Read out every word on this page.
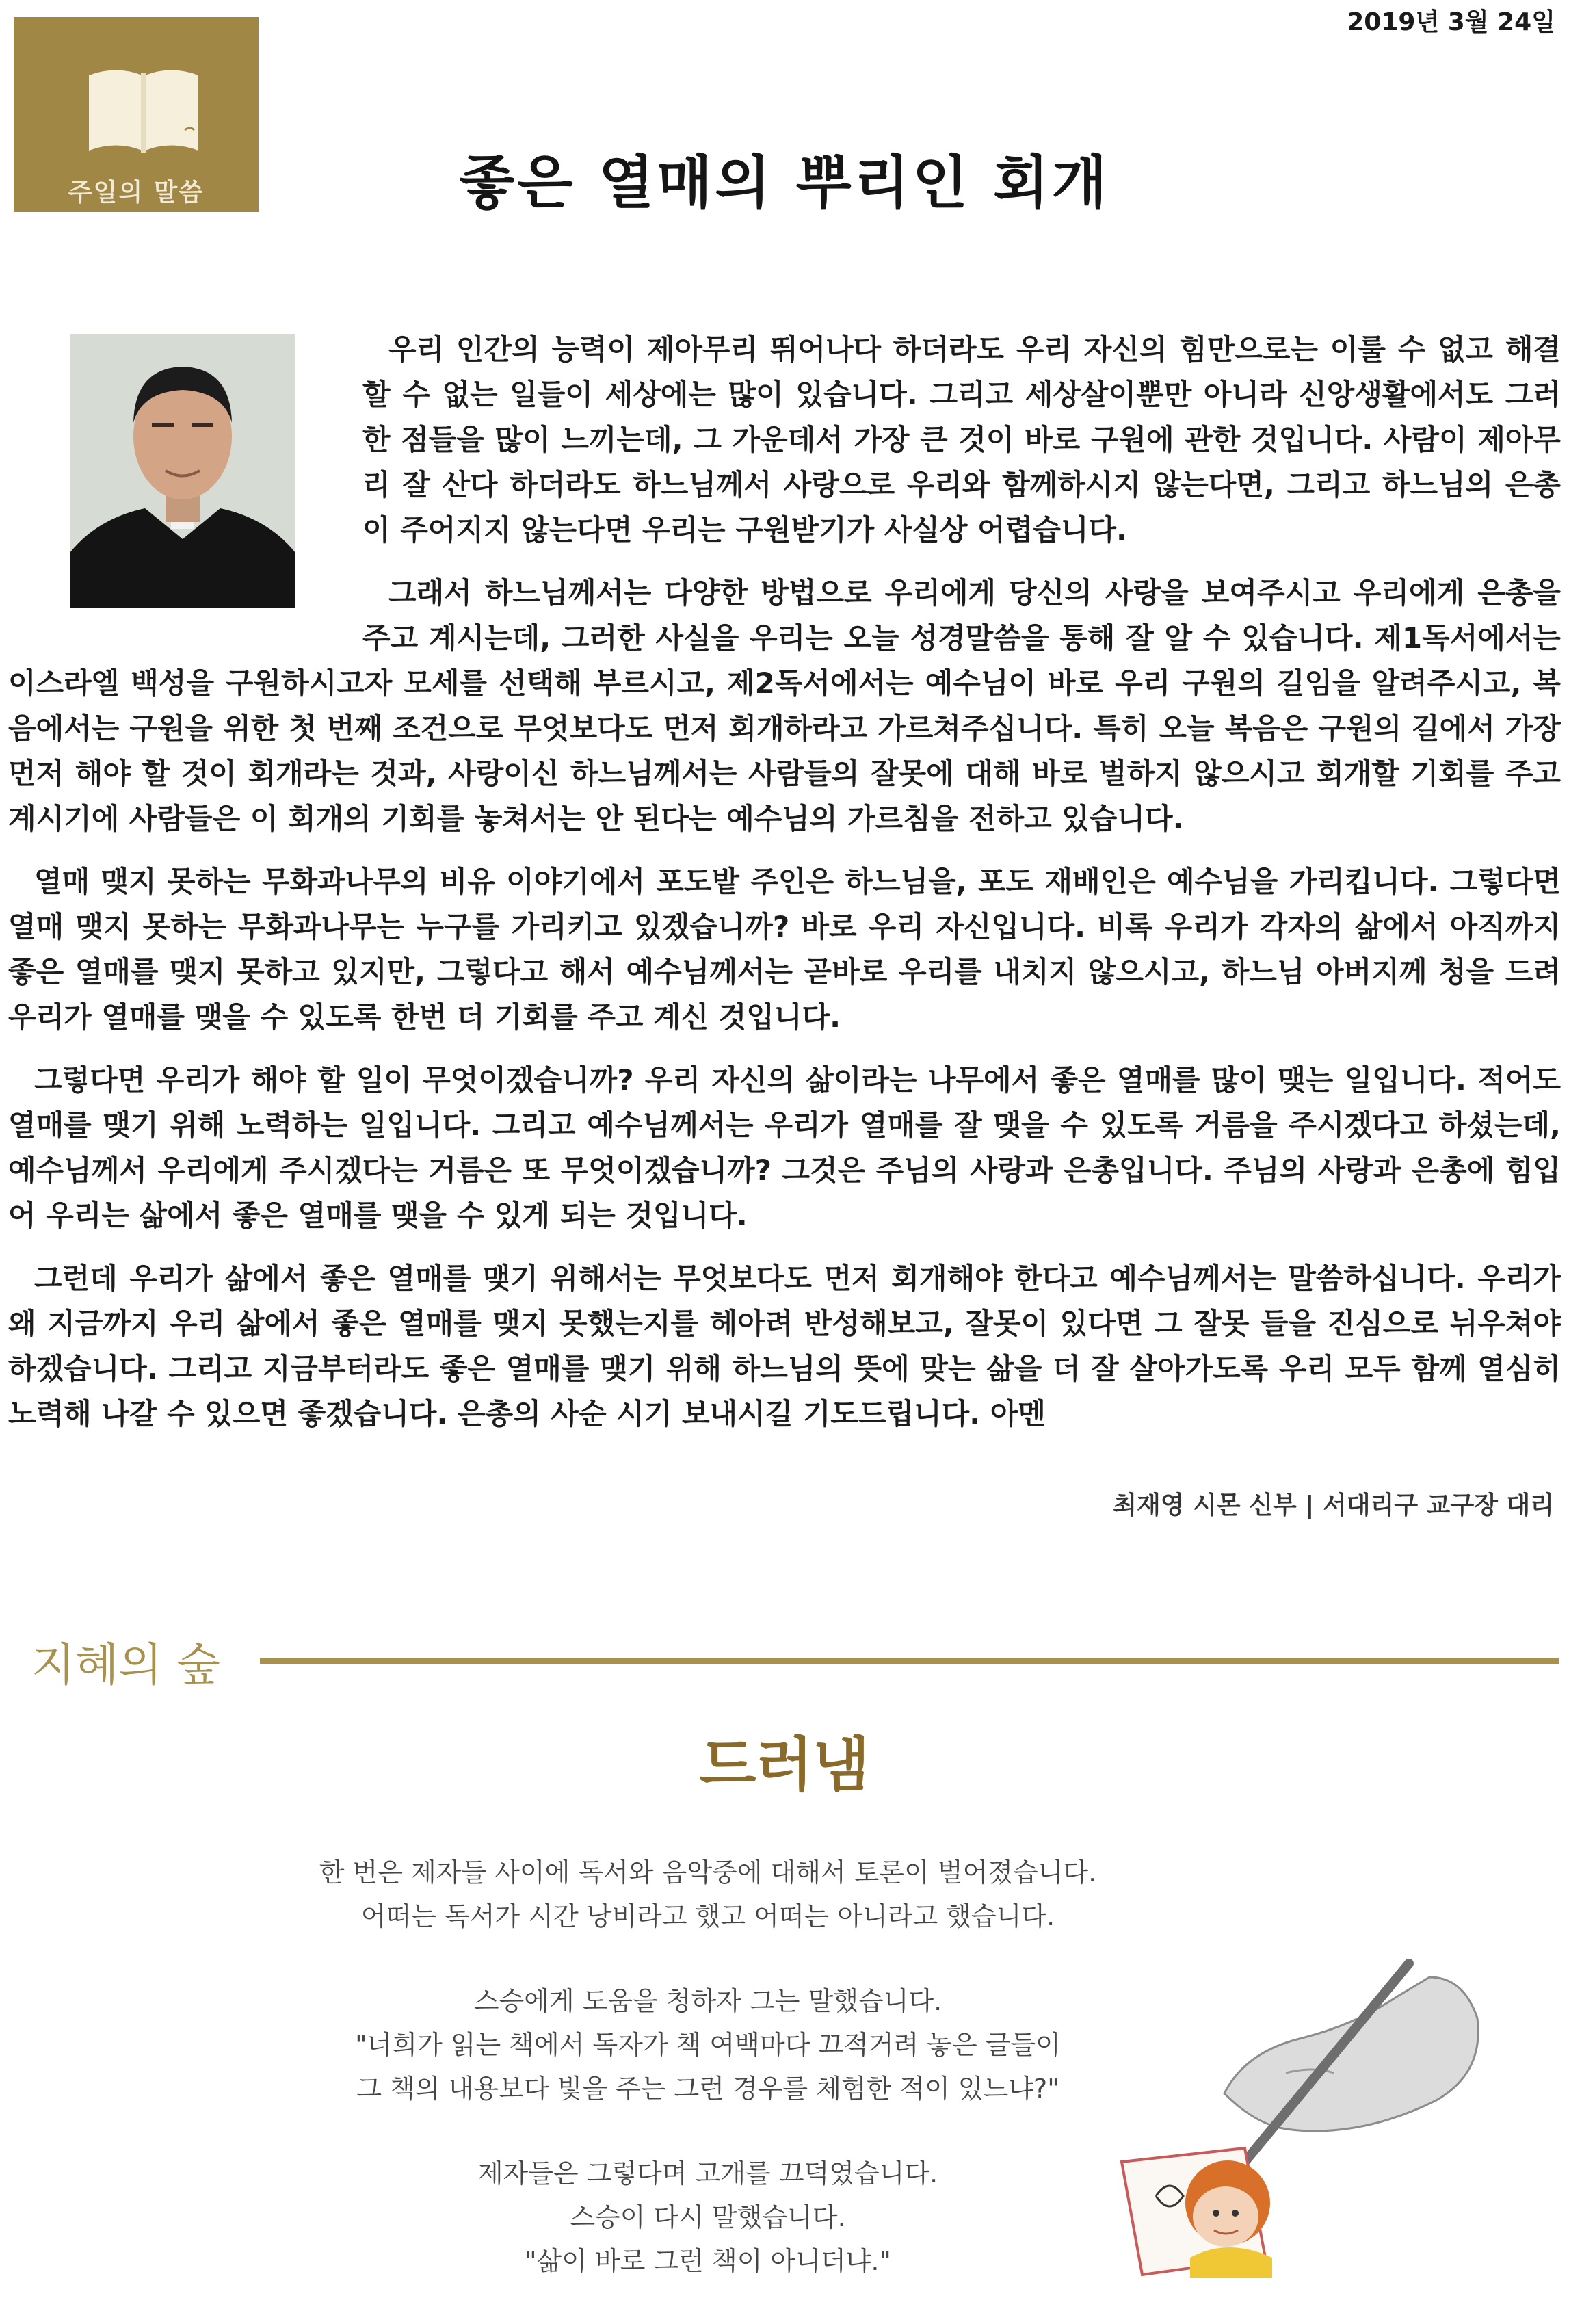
주일의 말씀
2019년 3월 24일
좋은 열매의 뿌리인 회개

우리 인간의 능력이 제아무리 뛰어나다 하더라도 우리 자신의 힘만으로는 이룰 수 없고 해결할 수 없는 일들이 세상에는 많이 있습니다. 그리고 세상살이뿐만 아니라 신앙생활에서도 그러한 점들을 많이 느끼는데, 그 가운데서 가장 큰 것이 바로 구원에 관한 것입니다. 사람이 제아무리 잘 산다 하더라도 하느님께서 사랑으로 우리와 함께하시지 않는다면, 그리고 하느님의 은총이 주어지지 않는다면 우리는 구원받기가 사실상 어렵습니다.

그래서 하느님께서는 다양한 방법으로 우리에게 당신의 사랑을 보여주시고 우리에게 은총을 주고 계시는데, 그러한 사실을 우리는 오늘 성경말씀을 통해 잘 알 수 있습니다. 제1독서에서는 이스라엘 백성을 구원하시고자 모세를 선택해 부르시고, 제2독서에서는 예수님이 바로 우리 구원의 길임을 알려주시고, 복음에서는 구원을 위한 첫 번째 조건으로 무엇보다도 먼저 회개하라고 가르쳐주십니다. 특히 오늘 복음은 구원의 길에서 가장 먼저 해야 할 것이 회개라는 것과, 사랑이신 하느님께서는 사람들의 잘못에 대해 바로 벌하지 않으시고 회개할 기회를 주고 계시기에 사람들은 이 회개의 기회를 놓쳐서는 안 된다는 예수님의 가르침을 전하고 있습니다.

열매 맺지 못하는 무화과나무의 비유 이야기에서 포도밭 주인은 하느님을, 포도 재배인은 예수님을 가리킵니다. 그렇다면 열매 맺지 못하는 무화과나무는 누구를 가리키고 있겠습니까? 바로 우리 자신입니다. 비록 우리가 각자의 삶에서 아직까지 좋은 열매를 맺지 못하고 있지만, 그렇다고 해서 예수님께서는 곧바로 우리를 내치지 않으시고, 하느님 아버지께 청을 드려 우리가 열매를 맺을 수 있도록 한번 더 기회를 주고 계신 것입니다.

그렇다면 우리가 해야 할 일이 무엇이겠습니까? 우리 자신의 삶이라는 나무에서 좋은 열매를 많이 맺는 일입니다. 적어도 열매를 맺기 위해 노력하는 일입니다. 그리고 예수님께서는 우리가 열매를 잘 맺을 수 있도록 거름을 주시겠다고 하셨는데, 예수님께서 우리에게 주시겠다는 거름은 또 무엇이겠습니까? 그것은 주님의 사랑과 은총입니다. 주님의 사랑과 은총에 힘입어 우리는 삶에서 좋은 열매를 맺을 수 있게 되는 것입니다.

그런데 우리가 삶에서 좋은 열매를 맺기 위해서는 무엇보다도 먼저 회개해야 한다고 예수님께서는 말씀하십니다. 우리가 왜 지금까지 우리 삶에서 좋은 열매를 맺지 못했는지를 헤아려 반성해보고, 잘못이 있다면 그 잘못 들을 진심으로 뉘우쳐야 하겠습니다. 그리고 지금부터라도 좋은 열매를 맺기 위해 하느님의 뜻에 맞는 삶을 더 잘 살아가도록 우리 모두 함께 열심히 노력해 나갈 수 있으면 좋겠습니다. 은총의 사순 시기 보내시길 기도드립니다. 아멘

최재영 시몬 신부 | 서대리구 교구장 대리
지혜의 숲
드러냄
한 번은 제자들 사이에 독서와 음악중에 대해서 토론이 벌어졌습니다.
어떠는 독서가 시간 낭비라고 했고 어떠는 아니라고 했습니다.
스승에게 도움을 청하자 그는 말했습니다.
"너희가 읽는 책에서 독자가 책 여백마다 끄적거려 놓은 글들이
그 책의 내용보다 빛을 주는 그런 경우를 체험한 적이 있느냐?"
제자들은 그렇다며 고개를 끄덕였습니다.
스승이 다시 말했습니다.
"삶이 바로 그런 책이 아니더냐."
